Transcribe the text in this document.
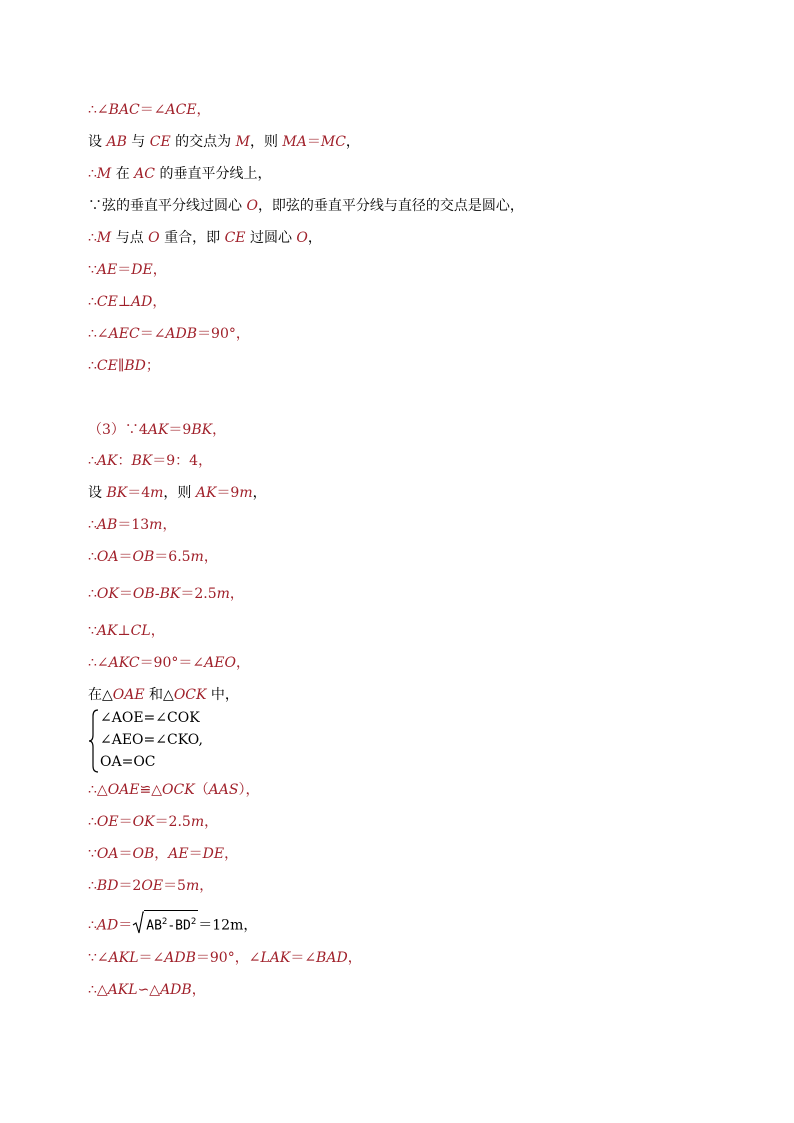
∴∠BAC＝∠ACE，
设 AB 与 CE 的交点为 M，则 MA＝MC，
∴M 在 AC 的垂直平分线上，
∵弦的垂直平分线过圆心 O，即弦的垂直平分线与直径的交点是圆心，
∴M 与点 O 重合，即 CE 过圆心 O，
∵AE＝DE，
∴CE⊥AD，
∴∠AEC＝∠ADB＝90°，
∴CE∥BD；
（3）∵4AK＝9BK，
∴AK：BK＝9：4，
设 BK＝4m，则 AK＝9m，
∴AB＝13m，
∴OA＝OB＝6.5m，
∴OK＝OB-BK＝2.5m，
∵AK⊥CL，
∴∠AKC＝90°＝∠AEO，
在△OAE 和△OCK 中，
∠AOE=∠COK
∠AEO=∠CKO,
OA=OC
∴△OAE≌△OCK（AAS），
∴OE＝OK＝2.5m，
∵OA＝OB，AE＝DE，
∴BD＝2OE＝5m，
∴AD＝ $AB^2-BD^2 =12m$，
∵∠AKL＝∠ADB＝90°，∠LAK＝∠BAD，
∴△AKL∽△ADB，
